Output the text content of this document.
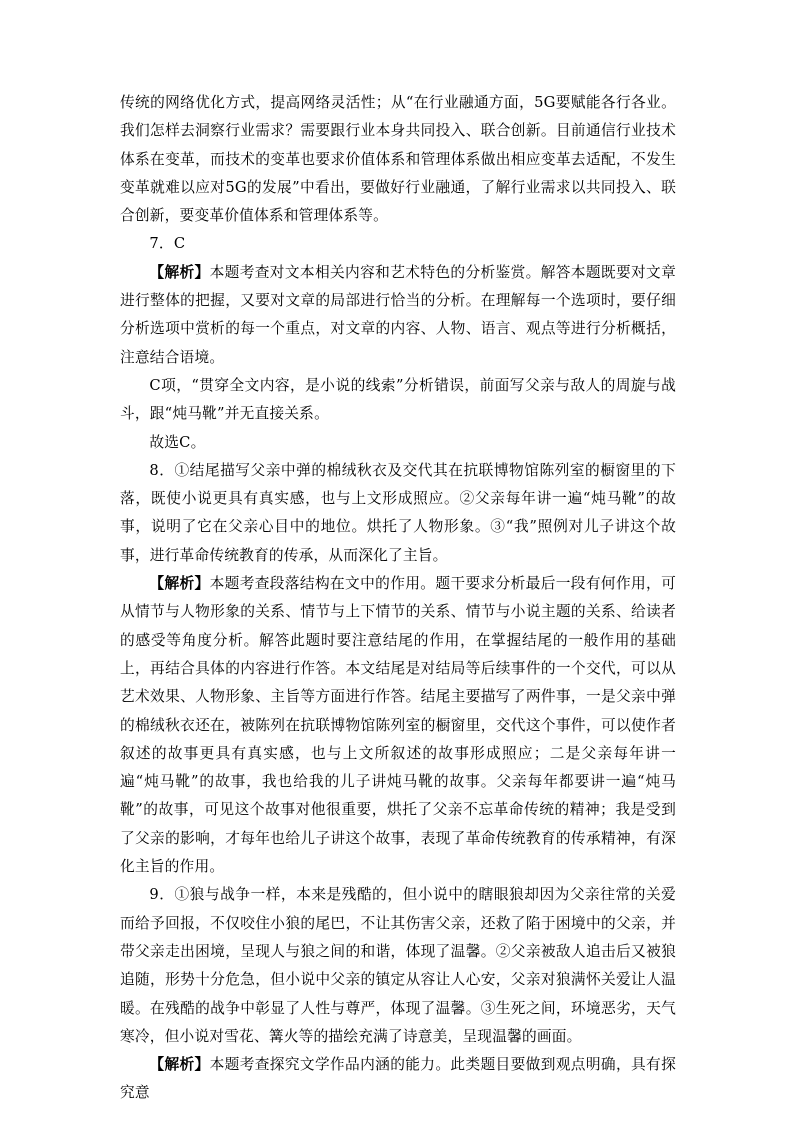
传统的网络优化方式，提高网络灵活性；从“在行业融通方面，5G要赋能各行各业。我们怎样去洞察行业需求？需要跟行业本身共同投入、联合创新。目前通信行业技术体系在变革，而技术的变革也要求价值体系和管理体系做出相应变革去适配，不发生变革就难以应对5G的发展”中看出，要做好行业融通，了解行业需求以共同投入、联合创新，要变革价值体系和管理体系等。

7．C

【解析】本题考查对文本相关内容和艺术特色的分析鉴赏。解答本题既要对文章进行整体的把握，又要对文章的局部进行恰当的分析。在理解每一个选项时，要仔细分析选项中赏析的每一个重点，对文章的内容、人物、语言、观点等进行分析概括，注意结合语境。

C项，“贯穿全文内容，是小说的线索”分析错误，前面写父亲与敌人的周旋与战斗，跟“炖马靴”并无直接关系。

故选C。

8．①结尾描写父亲中弹的棉绒秋衣及交代其在抗联博物馆陈列室的橱窗里的下落，既使小说更具有真实感，也与上文形成照应。②父亲每年讲一遍“炖马靴”的故事，说明了它在父亲心目中的地位。烘托了人物形象。③“我”照例对儿子讲这个故事，进行革命传统教育的传承，从而深化了主旨。

【解析】本题考查段落结构在文中的作用。题干要求分析最后一段有何作用，可从情节与人物形象的关系、情节与上下情节的关系、情节与小说主题的关系、给读者的感受等角度分析。解答此题时要注意结尾的作用，在掌握结尾的一般作用的基础上，再结合具体的内容进行作答。本文结尾是对结局等后续事件的一个交代，可以从艺术效果、人物形象、主旨等方面进行作答。结尾主要描写了两件事，一是父亲中弹的棉绒秋衣还在，被陈列在抗联博物馆陈列室的橱窗里，交代这个事件，可以使作者叙述的故事更具有真实感，也与上文所叙述的故事形成照应；二是父亲每年讲一遍“炖马靴”的故事，我也给我的儿子讲炖马靴的故事。父亲每年都要讲一遍“炖马靴”的故事，可见这个故事对他很重要，烘托了父亲不忘革命传统的精神；我是受到了父亲的影响，才每年也给儿子讲这个故事，表现了革命传统教育的传承精神，有深化主旨的作用。

9．①狼与战争一样，本来是残酷的，但小说中的瞎眼狼却因为父亲往常的关爱而给予回报，不仅咬住小狼的尾巴，不让其伤害父亲，还救了陷于困境中的父亲，并带父亲走出困境，呈现人与狼之间的和谐，体现了温馨。②父亲被敌人追击后又被狼追随，形势十分危急，但小说中父亲的镇定从容让人心安，父亲对狼满怀关爱让人温暖。在残酷的战争中彰显了人性与尊严，体现了温馨。③生死之间，环境恶劣，天气寒冷，但小说对雪花、篝火等的描绘充满了诗意美，呈现温馨的画面。

【解析】本题考查探究文学作品内涵的能力。此类题目要做到观点明确，具有探究意
